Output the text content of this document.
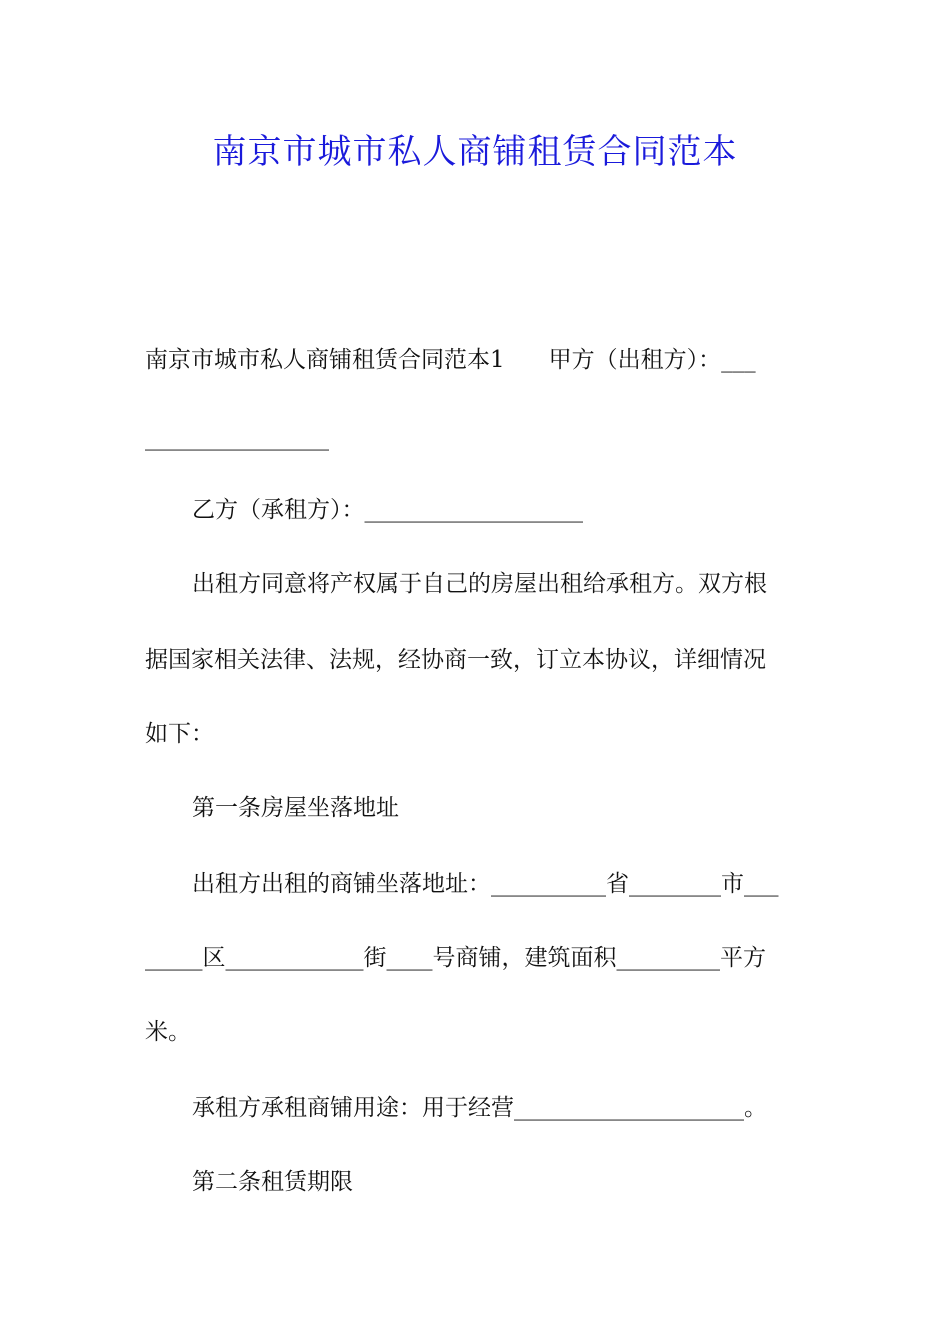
南京市城市私人商铺租赁合同范本
南京市城市私人商铺租赁合同范本1 甲方（出租方）：___
________________
乙方（承租方）：___________________
出租方同意将产权属于自己的房屋出租给承租方。双方根
据国家相关法律、法规，经协商一致，订立本协议，详细情况
如下：
第一条房屋坐落地址
出租方出租的商铺坐落地址：__________省________市___
_____区____________街____号商铺，建筑面积_________平方
米。
承租方承租商铺用途：用于经营____________________。
第二条租赁期限
